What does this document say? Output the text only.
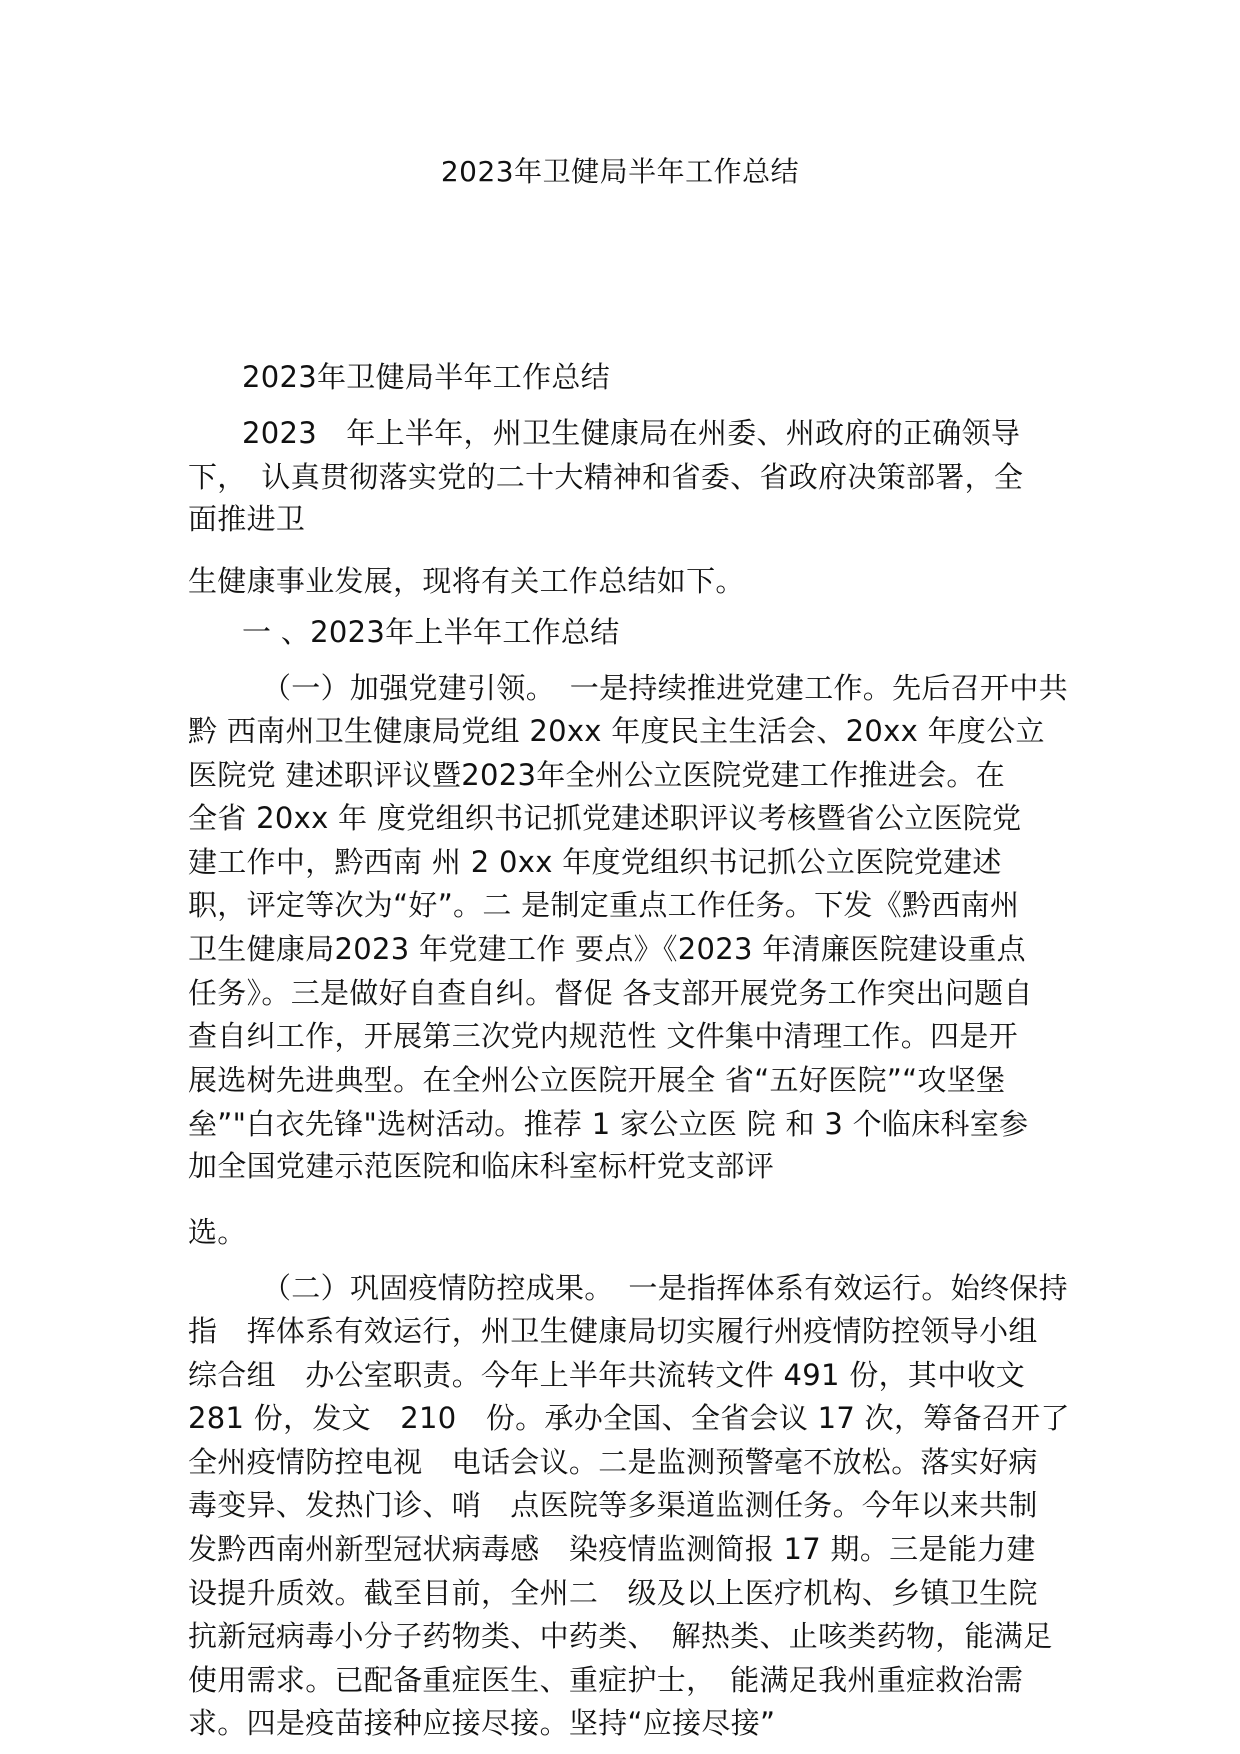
2023年卫健局半年工作总结
2023年卫健局半年工作总结
2023　年上半年，州卫生健康局在州委、州政府的正确领导
下，　认真贯彻落实党的二十大精神和省委、省政府决策部署，全
面推进卫
生健康事业发展，现将有关工作总结如下。
一 、2023年上半年工作总结
（一）加强党建引领。　一是持续推进党建工作。先后召开中共
黔 西南州卫生健康局党组 20xx 年度民主生活会、20xx 年度公立
医院党 建述职评议暨2023年全州公立医院党建工作推进会。在
全省 20xx 年 度党组织书记抓党建述职评议考核暨省公立医院党
建工作中，黔西南 州 2 0xx 年度党组织书记抓公立医院党建述
职，评定等次为“好”。二 是制定重点工作任务。下发《黔西南州
卫生健康局2023 年党建工作 要点》《2023 年清廉医院建设重点
任务》。三是做好自查自纠。督促 各支部开展党务工作突出问题自
查自纠工作，开展第三次党内规范性 文件集中清理工作。四是开
展选树先进典型。在全州公立医院开展全 省“五好医院”“攻坚堡
垒”"白衣先锋"选树活动。推荐 1 家公立医 院 和 3 个临床科室参
加全国党建示范医院和临床科室标杆党支部评
选。
（二）巩固疫情防控成果。　一是指挥体系有效运行。始终保持
指　挥体系有效运行，州卫生健康局切实履行州疫情防控领导小组
综合组　办公室职责。今年上半年共流转文件 491 份，其中收文
281 份，发文　210　份。承办全国、全省会议 17 次，筹备召开了
全州疫情防控电视　电话会议。二是监测预警毫不放松。落实好病
毒变异、发热门诊、哨　点医院等多渠道监测任务。今年以来共制
发黔西南州新型冠状病毒感　染疫情监测简报 17 期。三是能力建
设提升质效。截至目前，全州二　级及以上医疗机构、乡镇卫生院
抗新冠病毒小分子药物类、中药类、　解热类、止咳类药物，能满足
使用需求。已配备重症医生、重症护士，　能满足我州重症救治需
求。四是疫苗接种应接尽接。坚持“应接尽接”
